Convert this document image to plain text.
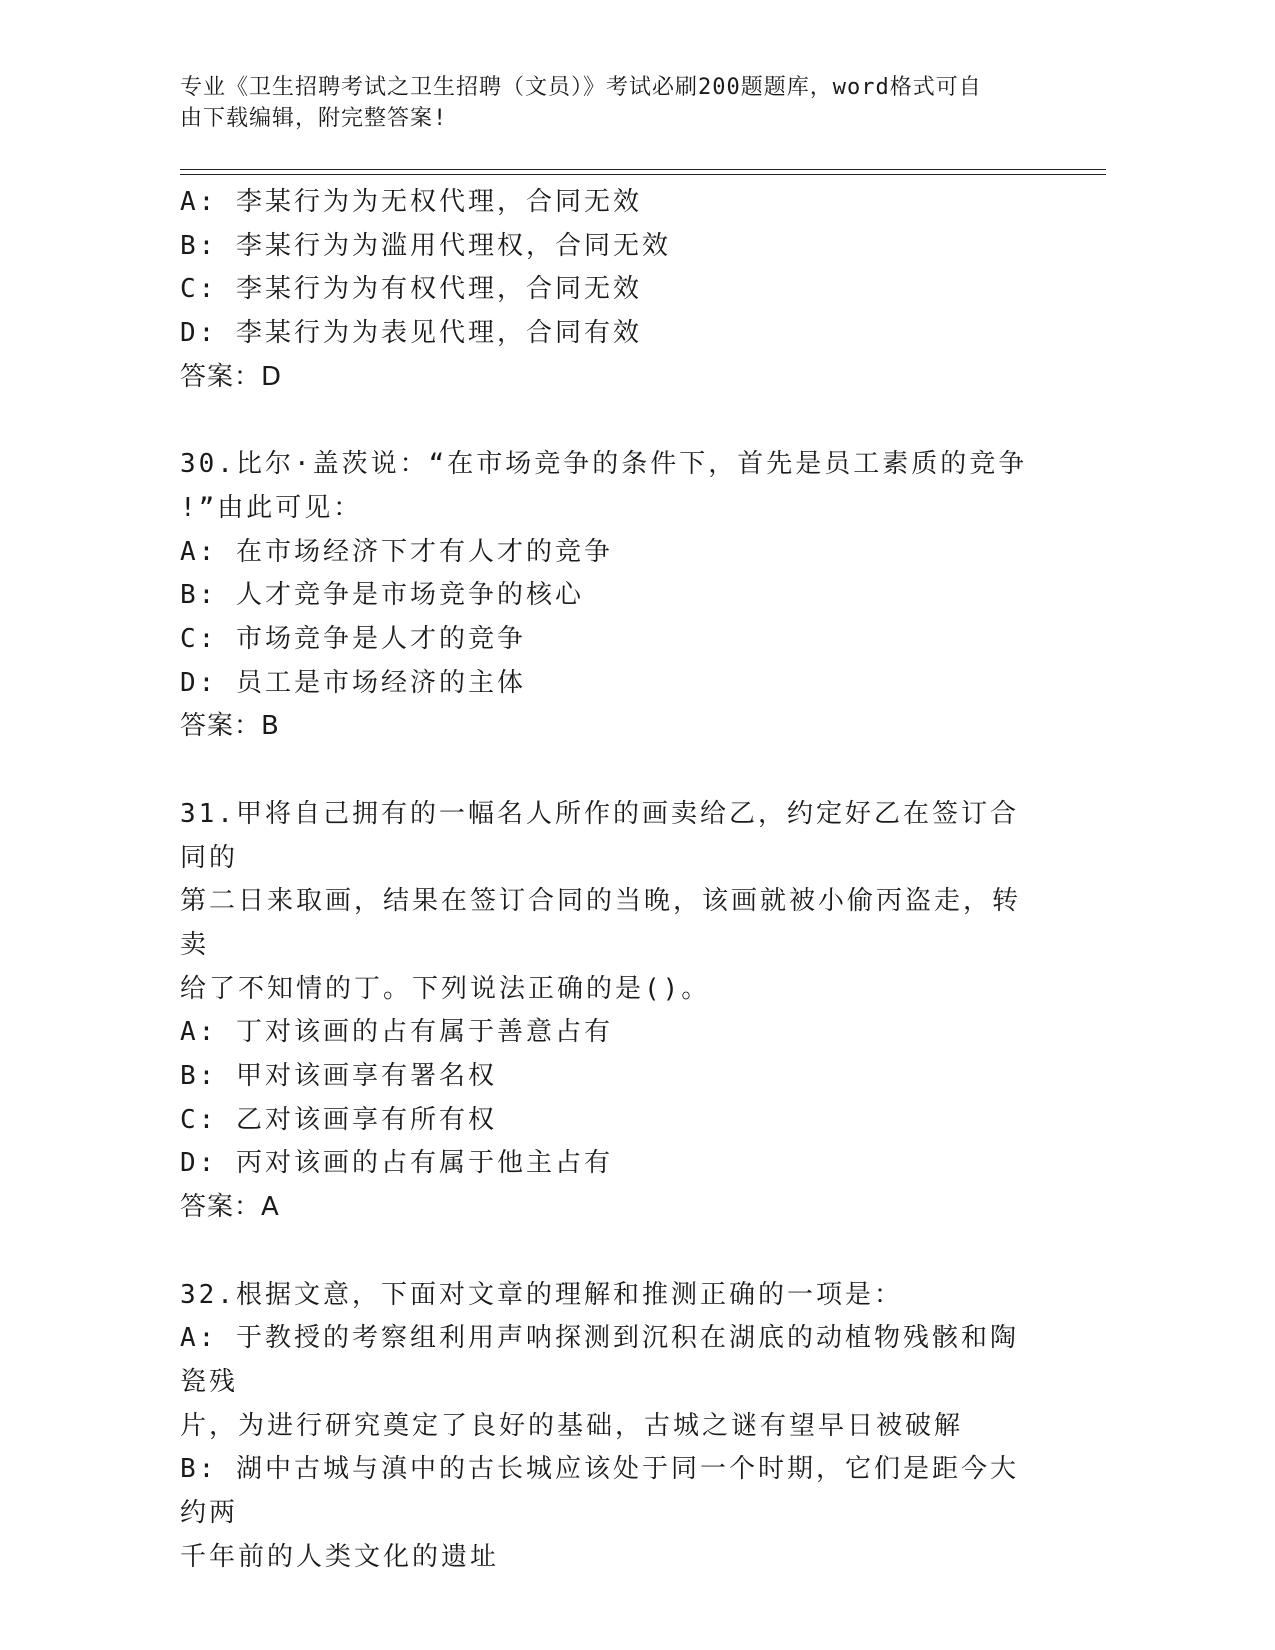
专业《卫生招聘考试之卫生招聘（文员）》考试必刷200题题库，word格式可自
由下载编辑，附完整答案!

A: 李某行为为无权代理，合同无效

B: 李某行为为滥用代理权，合同无效

C: 李某行为为有权代理，合同无效

D: 李某行为为表见代理，合同有效

答案：D

30.比尔·盖茨说：“在市场竞争的条件下，首先是员工素质的竞争

!”由此可见：

A: 在市场经济下才有人才的竞争

B: 人才竞争是市场竞争的核心

C: 市场竞争是人才的竞争

D: 员工是市场经济的主体

答案：B

31.甲将自己拥有的一幅名人所作的画卖给乙，约定好乙在签订合同的

第二日来取画，结果在签订合同的当晚，该画就被小偷丙盗走，转卖

给了不知情的丁。下列说法正确的是()。

A: 丁对该画的占有属于善意占有

B: 甲对该画享有署名权

C: 乙对该画享有所有权

D: 丙对该画的占有属于他主占有

答案：A

32.根据文意，下面对文章的理解和推测正确的一项是：

A: 于教授的考察组利用声呐探测到沉积在湖底的动植物残骸和陶瓷残

片，为进行研究奠定了良好的基础，古城之谜有望早日被破解

B: 湖中古城与滇中的古长城应该处于同一个时期，它们是距今大约两

千年前的人类文化的遗址
